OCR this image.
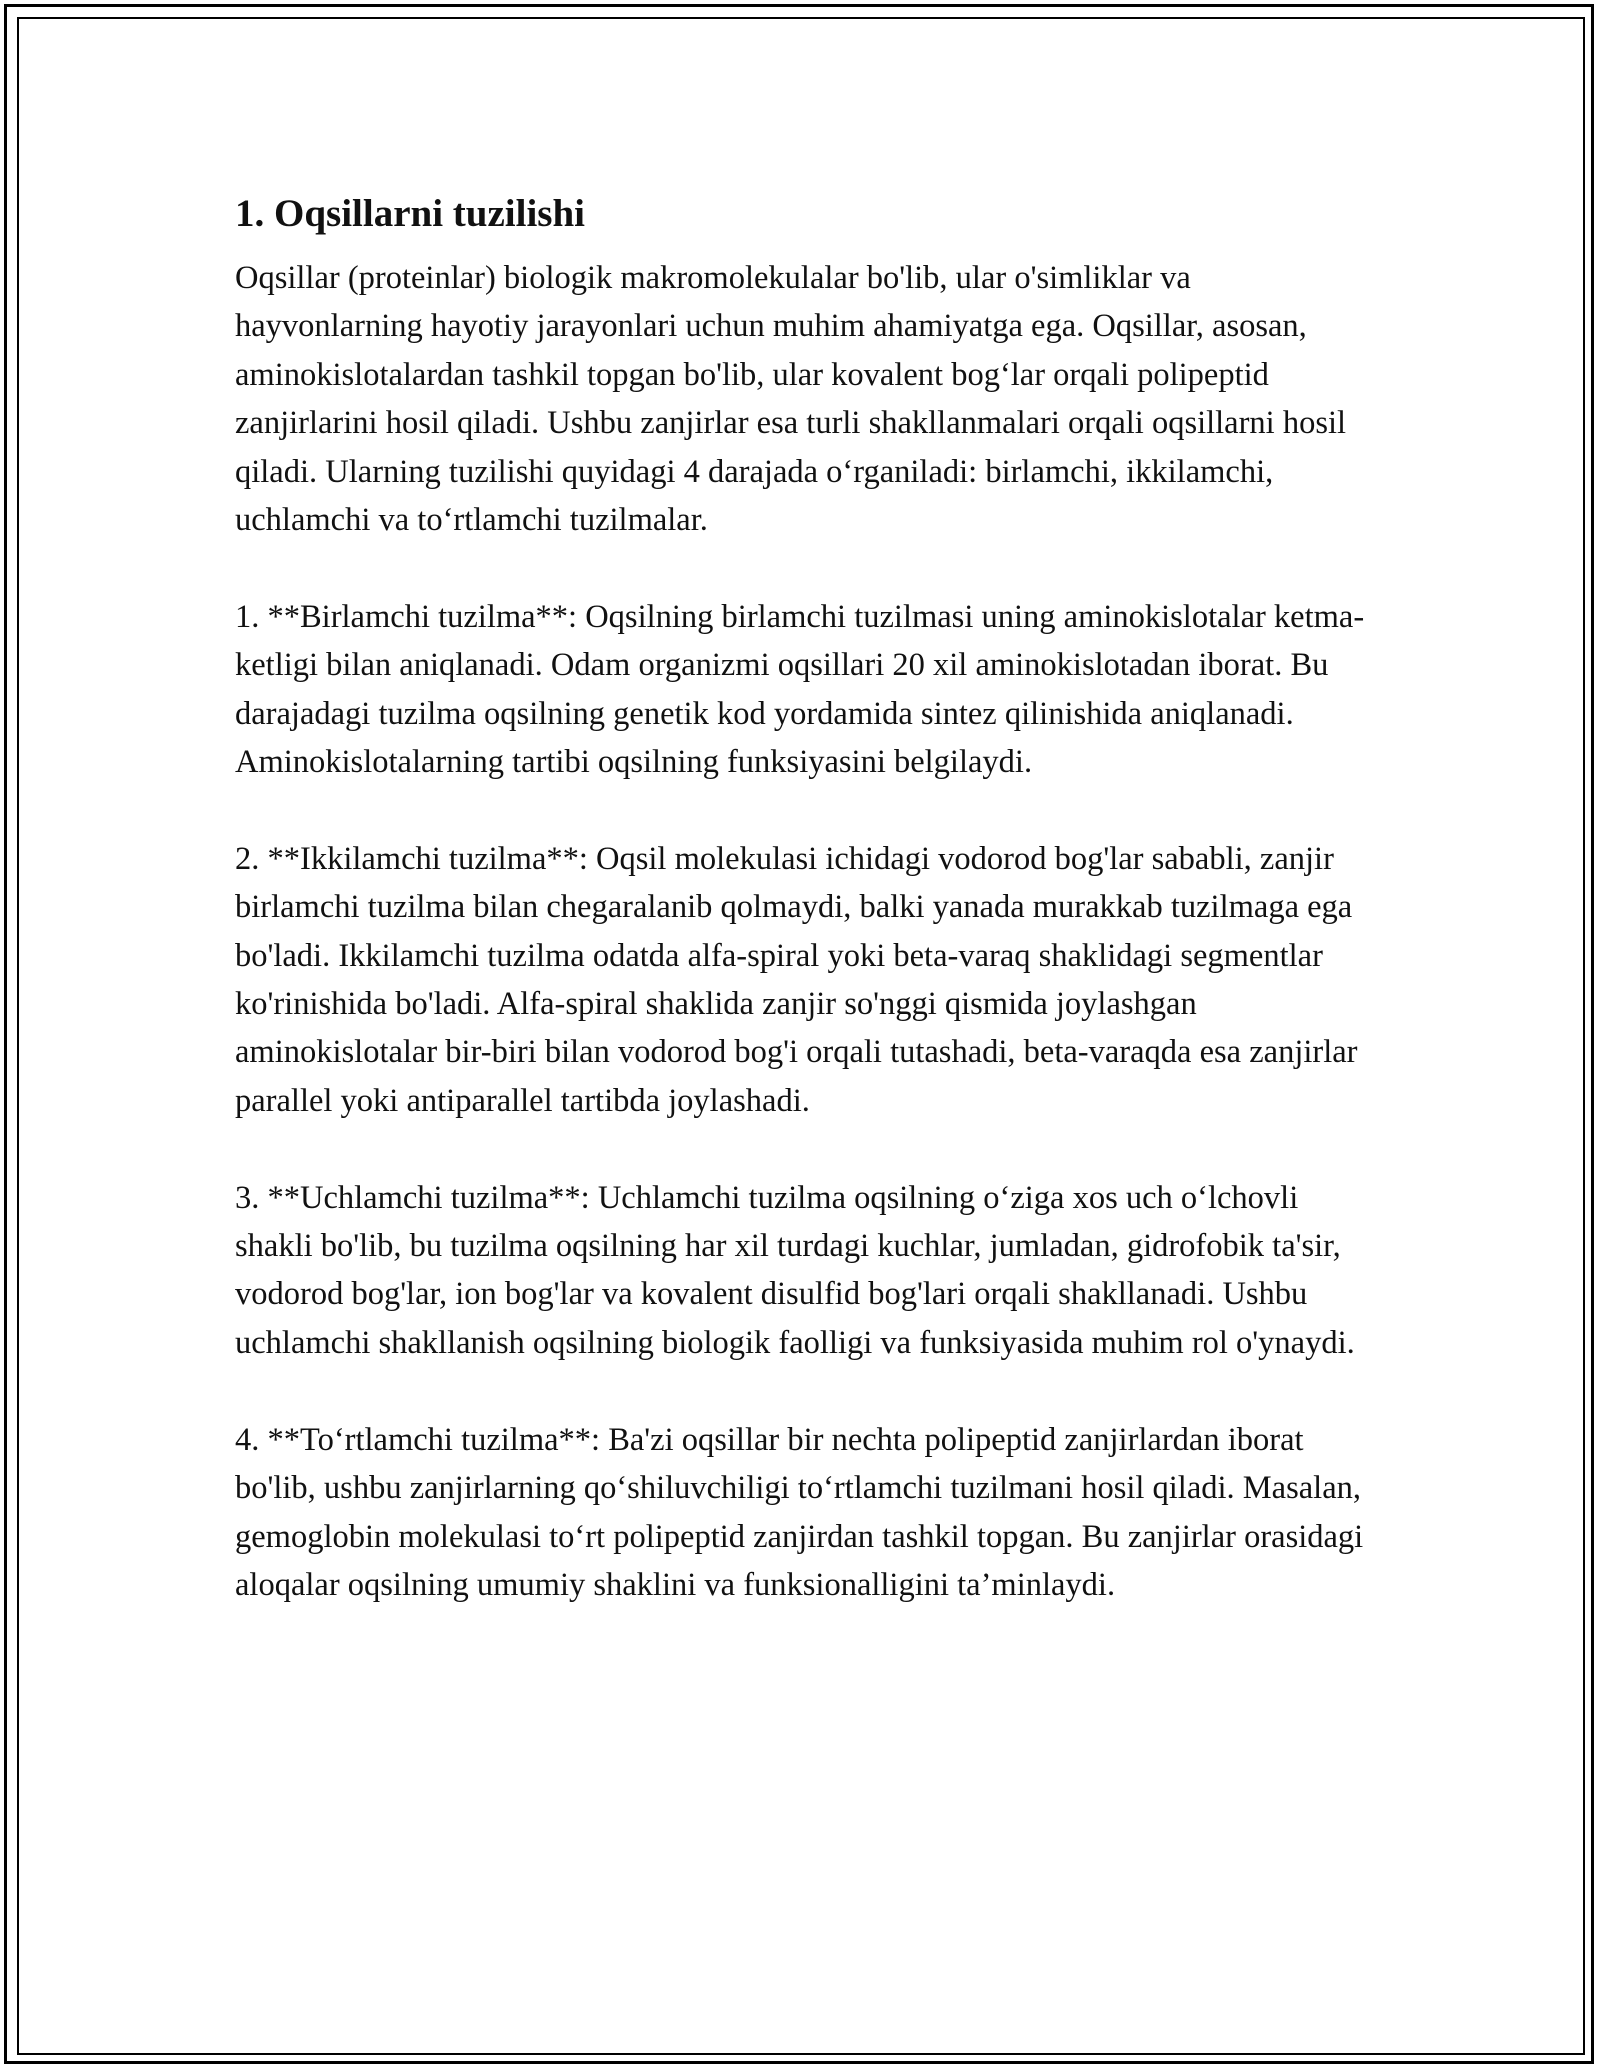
1. Oqsillarni tuzilishi

Oqsillar (proteinlar) biologik makromolekulalar bo'lib, ular o'simliklar va hayvonlarning hayotiy jarayonlari uchun muhim ahamiyatga ega. Oqsillar, asosan, aminokislotalardan tashkil topgan bo'lib, ular kovalent bog‘lar orqali polipeptid zanjirlarini hosil qiladi. Ushbu zanjirlar esa turli shakllanmalari orqali oqsillarni hosil qiladi. Ularning tuzilishi quyidagi 4 darajada o‘rganiladi: birlamchi, ikkilamchi, uchlamchi va to‘rtlamchi tuzilmalar.

1. **Birlamchi tuzilma**: Oqsilning birlamchi tuzilmasi uning aminokislotalar ketma-ketligi bilan aniqlanadi. Odam organizmi oqsillari 20 xil aminokislotadan iborat. Bu darajadagi tuzilma oqsilning genetik kod yordamida sintez qilinishida aniqlanadi. Aminokislotalarning tartibi oqsilning funksiyasini belgilaydi.

2. **Ikkilamchi tuzilma**: Oqsil molekulasi ichidagi vodorod bog'lar sababli, zanjir birlamchi tuzilma bilan chegaralanib qolmaydi, balki yanada murakkab tuzilmaga ega bo'ladi. Ikkilamchi tuzilma odatda alfa-spiral yoki beta-varaq shaklidagi segmentlar ko'rinishida bo'ladi. Alfa-spiral shaklida zanjir so'nggi qismida joylashgan aminokislotalar bir-biri bilan vodorod bog'i orqali tutashadi, beta-varaqda esa zanjirlar parallel yoki antiparallel tartibda joylashadi.

3. **Uchlamchi tuzilma**: Uchlamchi tuzilma oqsilning o‘ziga xos uch o‘lchovli shakli bo'lib, bu tuzilma oqsilning har xil turdagi kuchlar, jumladan, gidrofobik ta'sir, vodorod bog'lar, ion bog'lar va kovalent disulfid bog'lari orqali shakllanadi. Ushbu uchlamchi shakllanish oqsilning biologik faolligi va funksiyasida muhim rol o'ynaydi.

4. **To‘rtlamchi tuzilma**: Ba'zi oqsillar bir nechta polipeptid zanjirlardan iborat bo'lib, ushbu zanjirlarning qo‘shiluvchiligi to‘rtlamchi tuzilmani hosil qiladi. Masalan, gemoglobin molekulasi to‘rt polipeptid zanjirdan tashkil topgan. Bu zanjirlar orasidagi aloqalar oqsilning umumiy shaklini va funksionalligini ta’minlaydi.
